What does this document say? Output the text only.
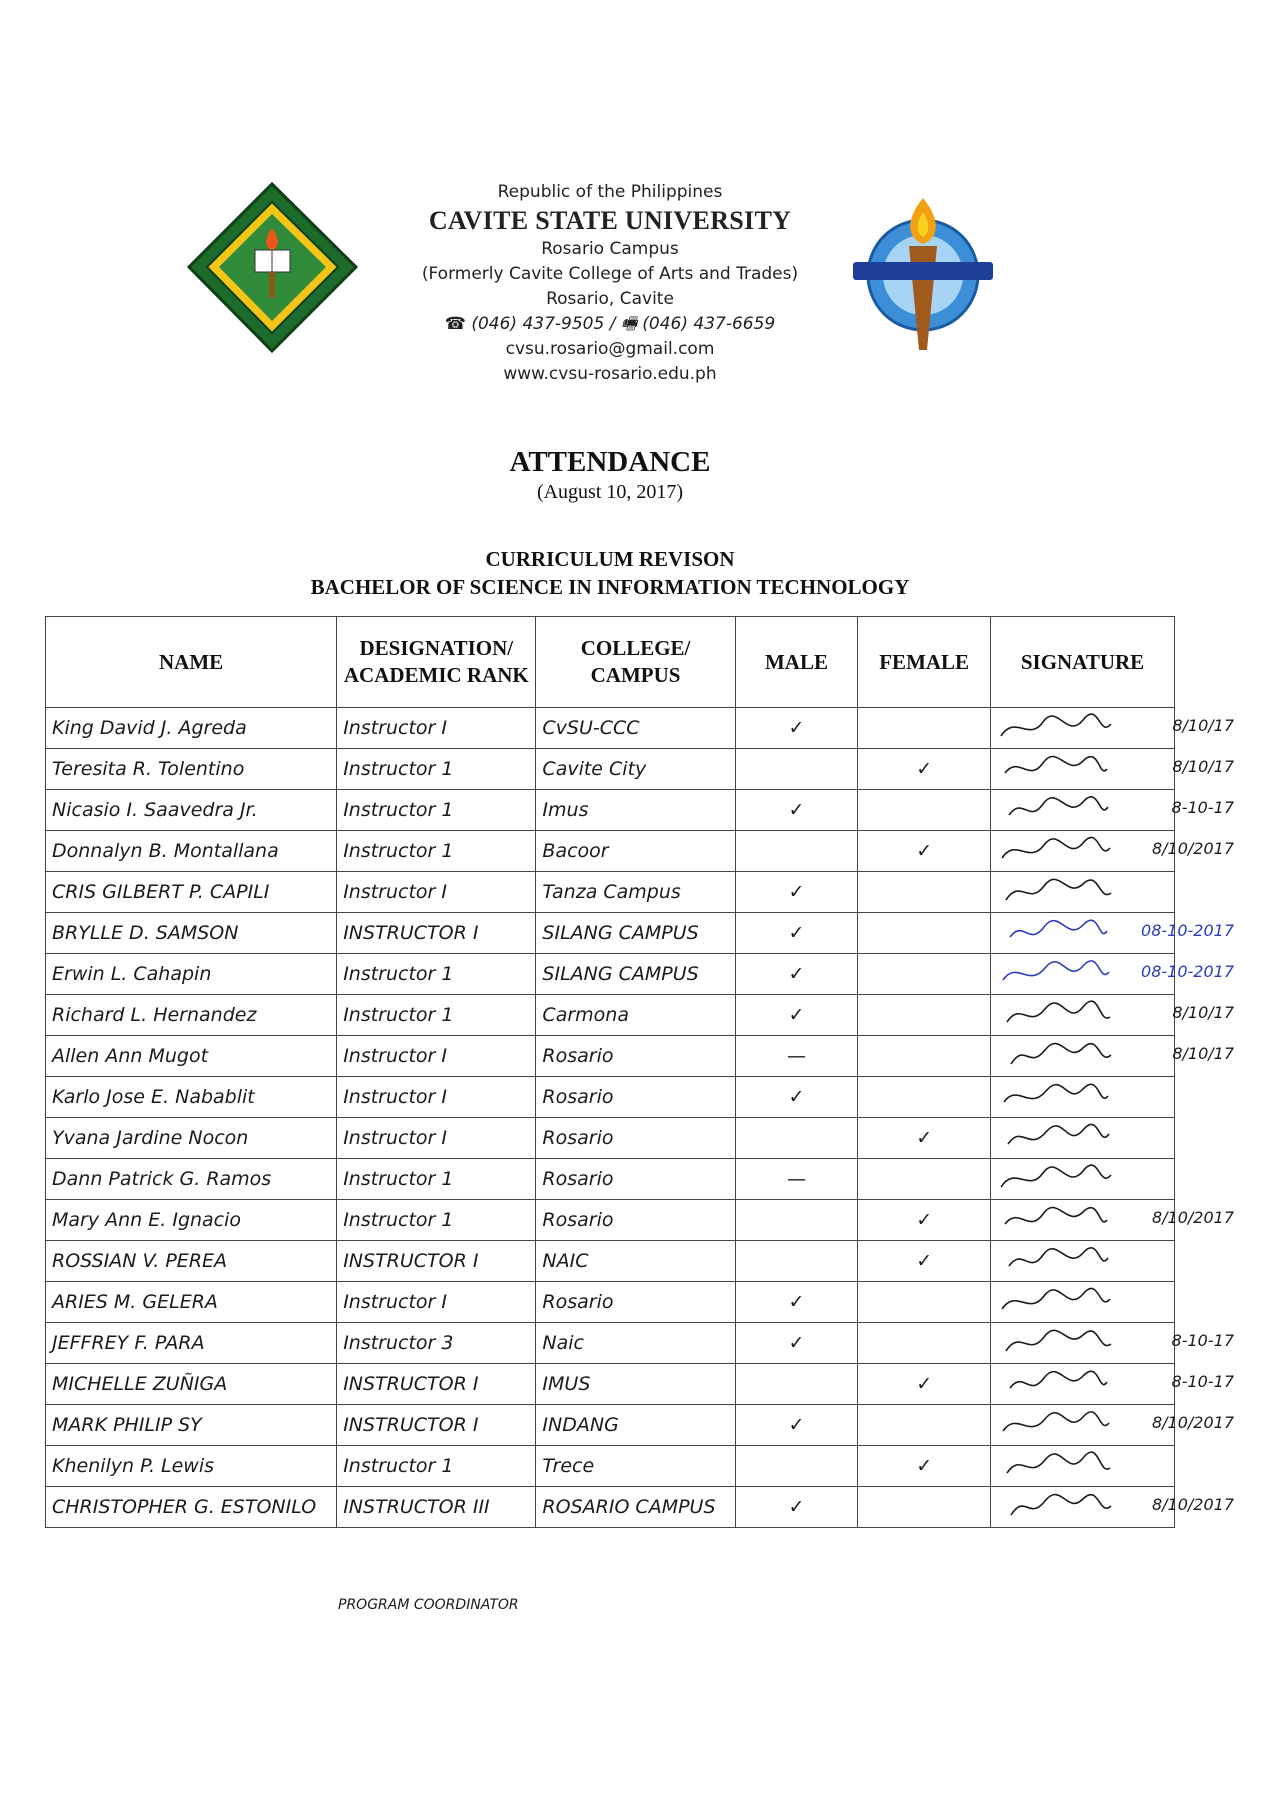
Republic of the Philippines
CAVITE STATE UNIVERSITY
Rosario Campus
(Formerly Cavite College of Arts and Trades)
Rosario, Cavite
☎ (046) 437-9505 / 🖷 (046) 437-6659
cvsu.rosario@gmail.com
www.cvsu-rosario.edu.ph
ATTENDANCE
(August 10, 2017)
CURRICULUM REVISON
BACHELOR OF SCIENCE IN INFORMATION TECHNOLOGY
NAME	DESIGNATION/ ACADEMIC RANK	COLLEGE/ CAMPUS	MALE	FEMALE	SIGNATURE
King David J. Agreda	Instructor I	CvSU-CCC	✓		8/10/17

Teresita R. Tolentino	Instructor 1	Cavite City		✓	8/10/17

Nicasio I. Saavedra Jr.	Instructor 1	Imus	✓		8-10-17

Donnalyn B. Montallana	Instructor 1	Bacoor		✓	8/10/2017

CRIS GILBERT P. CAPILI	Instructor I	Tanza Campus	✓		

BRYLLE D. SAMSON	INSTRUCTOR I	SILANG CAMPUS	✓		08-10-2017

Erwin L. Cahapin	Instructor 1	SILANG CAMPUS	✓		08-10-2017

Richard L. Hernandez	Instructor 1	Carmona	✓		8/10/17

Allen Ann Mugot	Instructor I	Rosario	—		8/10/17

Karlo Jose E. Nabablit	Instructor I	Rosario	✓		

Yvana Jardine Nocon	Instructor I	Rosario		✓	

Dann Patrick G. Ramos	Instructor 1	Rosario	—		

Mary Ann E. Ignacio	Instructor 1	Rosario		✓	8/10/2017

ROSSIAN V. PEREA	INSTRUCTOR I	NAIC		✓	

ARIES M. GELERA	Instructor I	Rosario	✓		

JEFFREY F. PARA	Instructor 3	Naic	✓		8-10-17

MICHELLE ZUÑIGA	INSTRUCTOR I	IMUS		✓	8-10-17

MARK PHILIP SY	INSTRUCTOR I	INDANG	✓		8/10/2017

Khenilyn P. Lewis	Instructor 1	Trece		✓	

CHRISTOPHER G. ESTONILO	INSTRUCTOR III	ROSARIO CAMPUS	✓		8/10/2017
PROGRAM COORDINATOR
